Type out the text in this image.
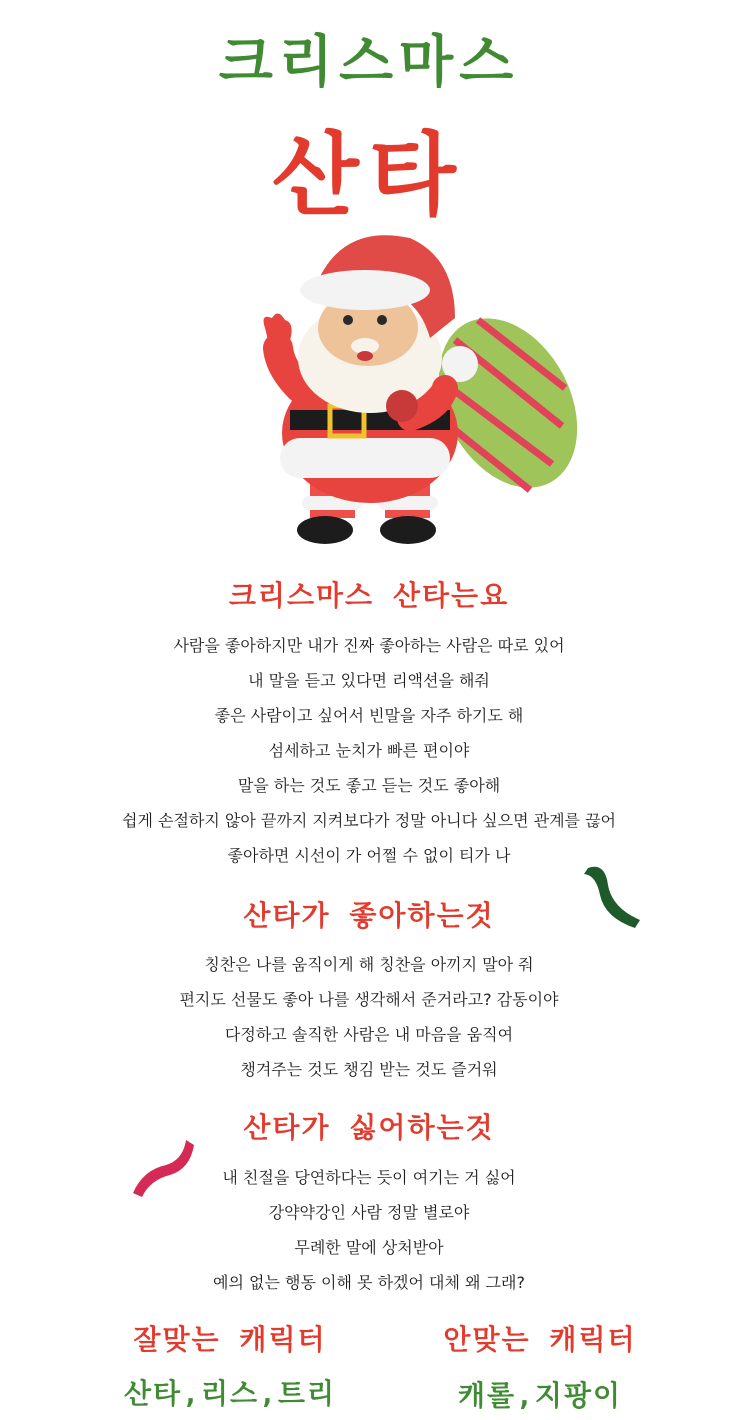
크리스마스
산타
크리스마스 산타는요
사람을 좋아하지만 내가 진짜 좋아하는 사람은 따로 있어
내 말을 듣고 있다면 리액션을 해줘
좋은 사람이고 싶어서 빈말을 자주 하기도 해
섬세하고 눈치가 빠른 편이야
말을 하는 것도 좋고 듣는 것도 좋아해
쉽게 손절하지 않아 끝까지 지켜보다가 정말 아니다 싶으면 관계를 끊어
좋아하면 시선이 가 어쩔 수 없이 티가 나
산타가 좋아하는것
칭찬은 나를 움직이게 해 칭찬을 아끼지 말아 줘
편지도 선물도 좋아 나를 생각해서 준거라고? 감동이야
다정하고 솔직한 사람은 내 마음을 움직여
챙겨주는 것도 챙김 받는 것도 즐거워
산타가 싫어하는것
내 친절을 당연하다는 듯이 여기는 거 싫어
강약약강인 사람 정말 별로야
무례한 말에 상처받아
예의 없는 행동 이해 못 하겠어 대체 왜 그래?
잘맞는 캐릭터	안맞는 캐릭터
산타,리스,트리	캐롤,지팡이
